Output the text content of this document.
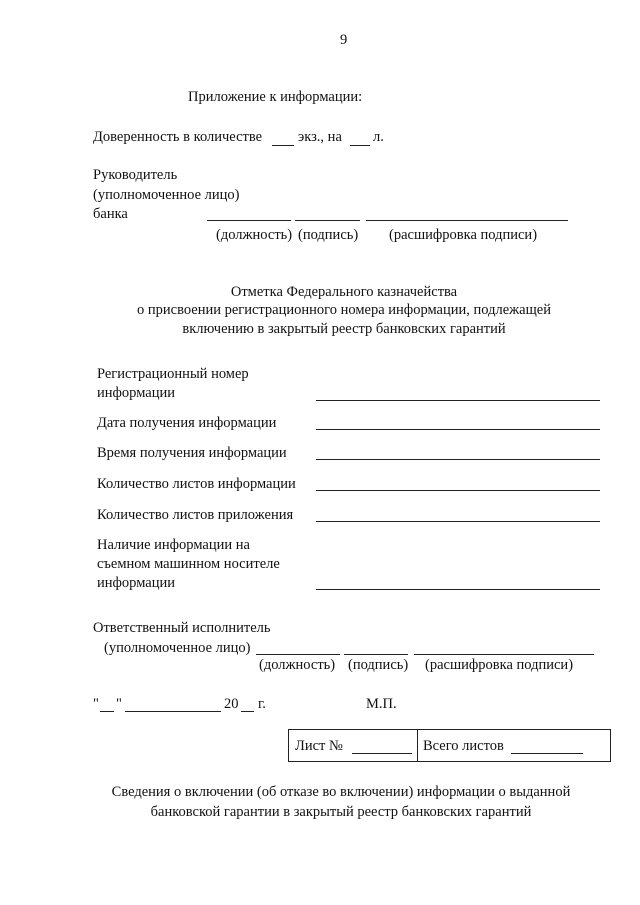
9
Приложение к информации:
Доверенность в количестве экз., на л.
Руководитель
(уполномоченное лицо)
банка
(должность) (подпись) (расшифровка подписи)
Отметка Федерального казначейства
о присвоении регистрационного номера информации, подлежащей
включению в закрытый реестр банковских гарантий
Регистрационный номер
информации
Дата получения информации
Время получения информации
Количество листов информации
Количество листов приложения
Наличие информации на
съемном машинном носителе
информации
Ответственный исполнитель
(уполномоченное лицо)
(должность) (подпись) (расшифровка подписи)
" "	20 г.	М.П.
Лист №	Всего листов
Сведения о включении (об отказе во включении) информации о выданной
банковской гарантии в закрытый реестр банковских гарантий
